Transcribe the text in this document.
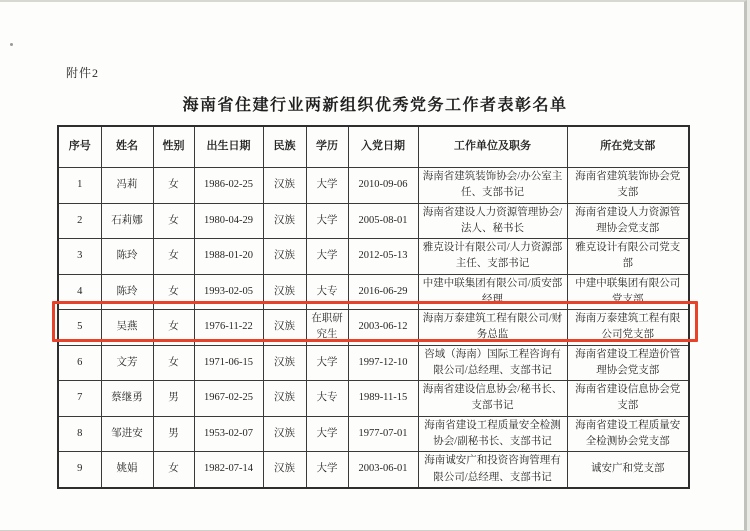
附件2
海南省住建行业两新组织优秀党务工作者表彰名单
序号	姓名	性别	出生日期	民族	学历	入党日期	工作单位及职务	所在党支部
1	冯莉	女	1986-02-25	汉族	大学	2010-09-06	海南省建筑装饰协会/办公室主任、支部书记	海南省建筑装饰协会党支部
2	石莉娜	女	1980-04-29	汉族	大学	2005-08-01	海南省建设人力资源管理协会/法人、秘书长	海南省建设人力资源管理协会党支部
3	陈玲	女	1988-01-20	汉族	大学	2012-05-13	雅克设计有限公司/人力资源部主任、支部书记	雅克设计有限公司党支部
4	陈玲	女	1993-02-05	汉族	大专	2016-06-29	中建中联集团有限公司/质安部经理	中建中联集团有限公司党支部
5	吴燕	女	1976-11-22	汉族	在职研究生	2003-06-12	海南万泰建筑工程有限公司/财务总监	海南万泰建筑工程有限公司党支部
6	文芳	女	1971-06-15	汉族	大学	1997-12-10	咨域（海南）国际工程咨询有限公司/总经理、支部书记	海南省建设工程造价管理协会党支部
7	蔡继勇	男	1967-02-25	汉族	大专	1989-11-15	海南省建设信息协会/秘书长、支部书记	海南省建设信息协会党支部
8	邹进安	男	1953-02-07	汉族	大学	1977-07-01	海南省建设工程质量安全检测协会/副秘书长、支部书记	海南省建设工程质量安全检测协会党支部
9	姚娟	女	1982-07-14	汉族	大学	2003-06-01	海南诚安广和投资咨询管理有限公司/总经理、支部书记	诚安广和党支部
